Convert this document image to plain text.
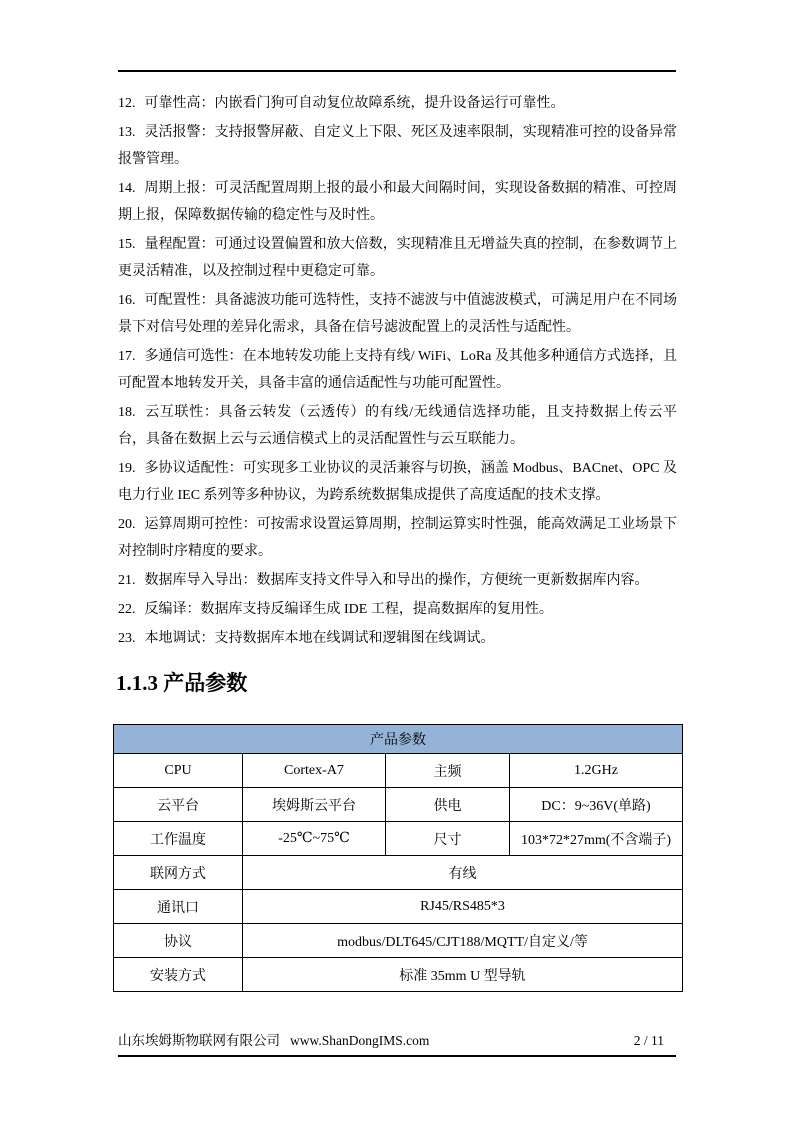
12. 可靠性高：内嵌看门狗可自动复位故障系统，提升设备运行可靠性。

13. 灵活报警：支持报警屏蔽、自定义上下限、死区及速率限制，实现精准可控的设备异常报警管理。

14. 周期上报：可灵活配置周期上报的最小和最大间隔时间，实现设备数据的精准、可控周期上报，保障数据传输的稳定性与及时性。

15. 量程配置：可通过设置偏置和放大倍数，实现精准且无增益失真的控制，在参数调节上更灵活精准，以及控制过程中更稳定可靠。

16. 可配置性：具备滤波功能可选特性，支持不滤波与中值滤波模式，可满足用户在不同场景下对信号处理的差异化需求，具备在信号滤波配置上的灵活性与适配性。

17. 多通信可选性：在本地转发功能上支持有线/ WiFi、LoRa 及其他多种通信方式选择，且可配置本地转发开关，具备丰富的通信适配性与功能可配置性。

18. 云互联性：具备云转发（云透传）的有线/无线通信选择功能，且支持数据上传云平台，具备在数据上云与云通信模式上的灵活配置性与云互联能力。

19. 多协议适配性：可实现多工业协议的灵活兼容与切换，涵盖 Modbus、BACnet、OPC 及电力行业 IEC 系列等多种协议，为跨系统数据集成提供了高度适配的技术支撑。

20. 运算周期可控性：可按需求设置运算周期，控制运算实时性强，能高效满足工业场景下对控制时序精度的要求。

21. 数据库导入导出：数据库支持文件导入和导出的操作，方便统一更新数据库内容。

22. 反编译：数据库支持反编译生成 IDE 工程，提高数据库的复用性。

23. 本地调试：支持数据库本地在线调试和逻辑图在线调试。

1.1.3 产品参数
产品参数			
CPU	Cortex-A7	主频	1.2GHz
云平台	埃姆斯云平台	供电	DC：9~36V(单路)
工作温度	-25℃~75℃	尺寸	103*72*27mm(不含端子)
联网方式	有线		
通讯口	RJ45/RS485*3		
协议	modbus/DLT645/CJT188/MQTT/自定义/等		
安装方式	标准 35mm U 型导轨		
山东埃姆斯物联网有限公司 www.ShanDongIMS.com	2 / 11
